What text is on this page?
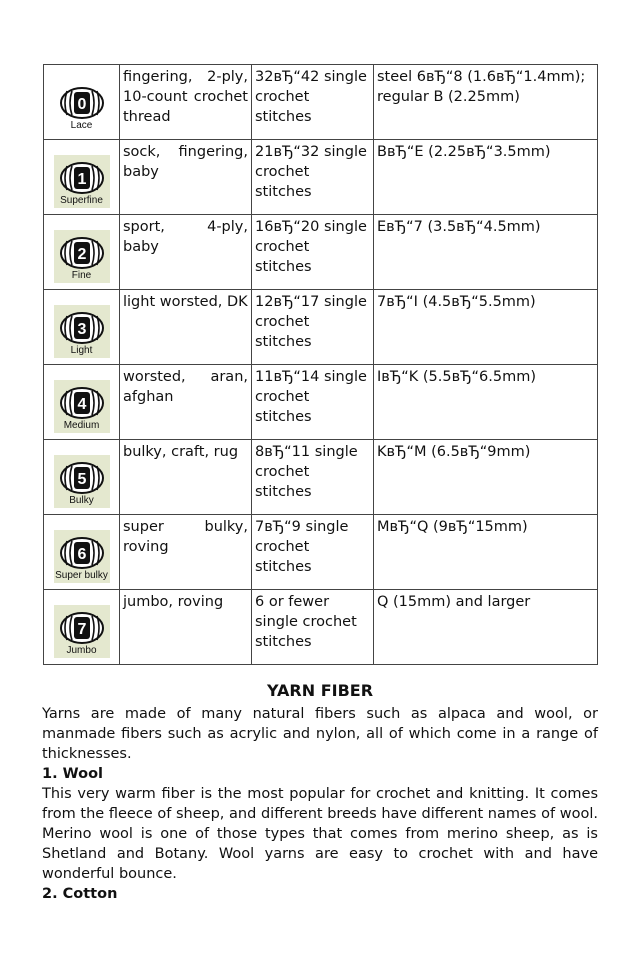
0
Lace	fingering, 2-ply, 10-count crochet thread	32вЂ“42 single crochet stitches	steel 6вЂ“8 (1.6вЂ“1.4mm); regular B (2.25mm)

1
Superfine	sock, fingering, baby	21вЂ“32 single crochet stitches	BвЂ“E (2.25вЂ“3.5mm)

2
Fine	sport, 4-ply, baby	16вЂ“20 single crochet stitches	EвЂ“7 (3.5вЂ“4.5mm)

3
Light	light worsted, DK	12вЂ“17 single crochet stitches	7вЂ“I (4.5вЂ“5.5mm)

4
Medium	worsted, aran, afghan	11вЂ“14 single crochet stitches	IвЂ“K (5.5вЂ“6.5mm)

5
Bulky	bulky, craft, rug	8вЂ“11 single crochet stitches	KвЂ“M (6.5вЂ“9mm)

6
Super bulky	super bulky, roving	7вЂ“9 single crochet stitches	MвЂ“Q (9вЂ“15mm)

7
Jumbo	jumbo, roving	6 or fewer single crochet stitches	Q (15mm) and larger
YARN FIBER

Yarns are made of many natural fibers such as alpaca and wool, or manmade fibers such as acrylic and nylon, all of which come in a range of thicknesses.

1. Wool

This very warm fiber is the most popular for crochet and knitting. It comes from the fleece of sheep, and different breeds have different names of wool. Merino wool is one of those types that comes from merino sheep, as is Shetland and Botany. Wool yarns are easy to crochet with and have wonderful bounce.

2. Cotton
